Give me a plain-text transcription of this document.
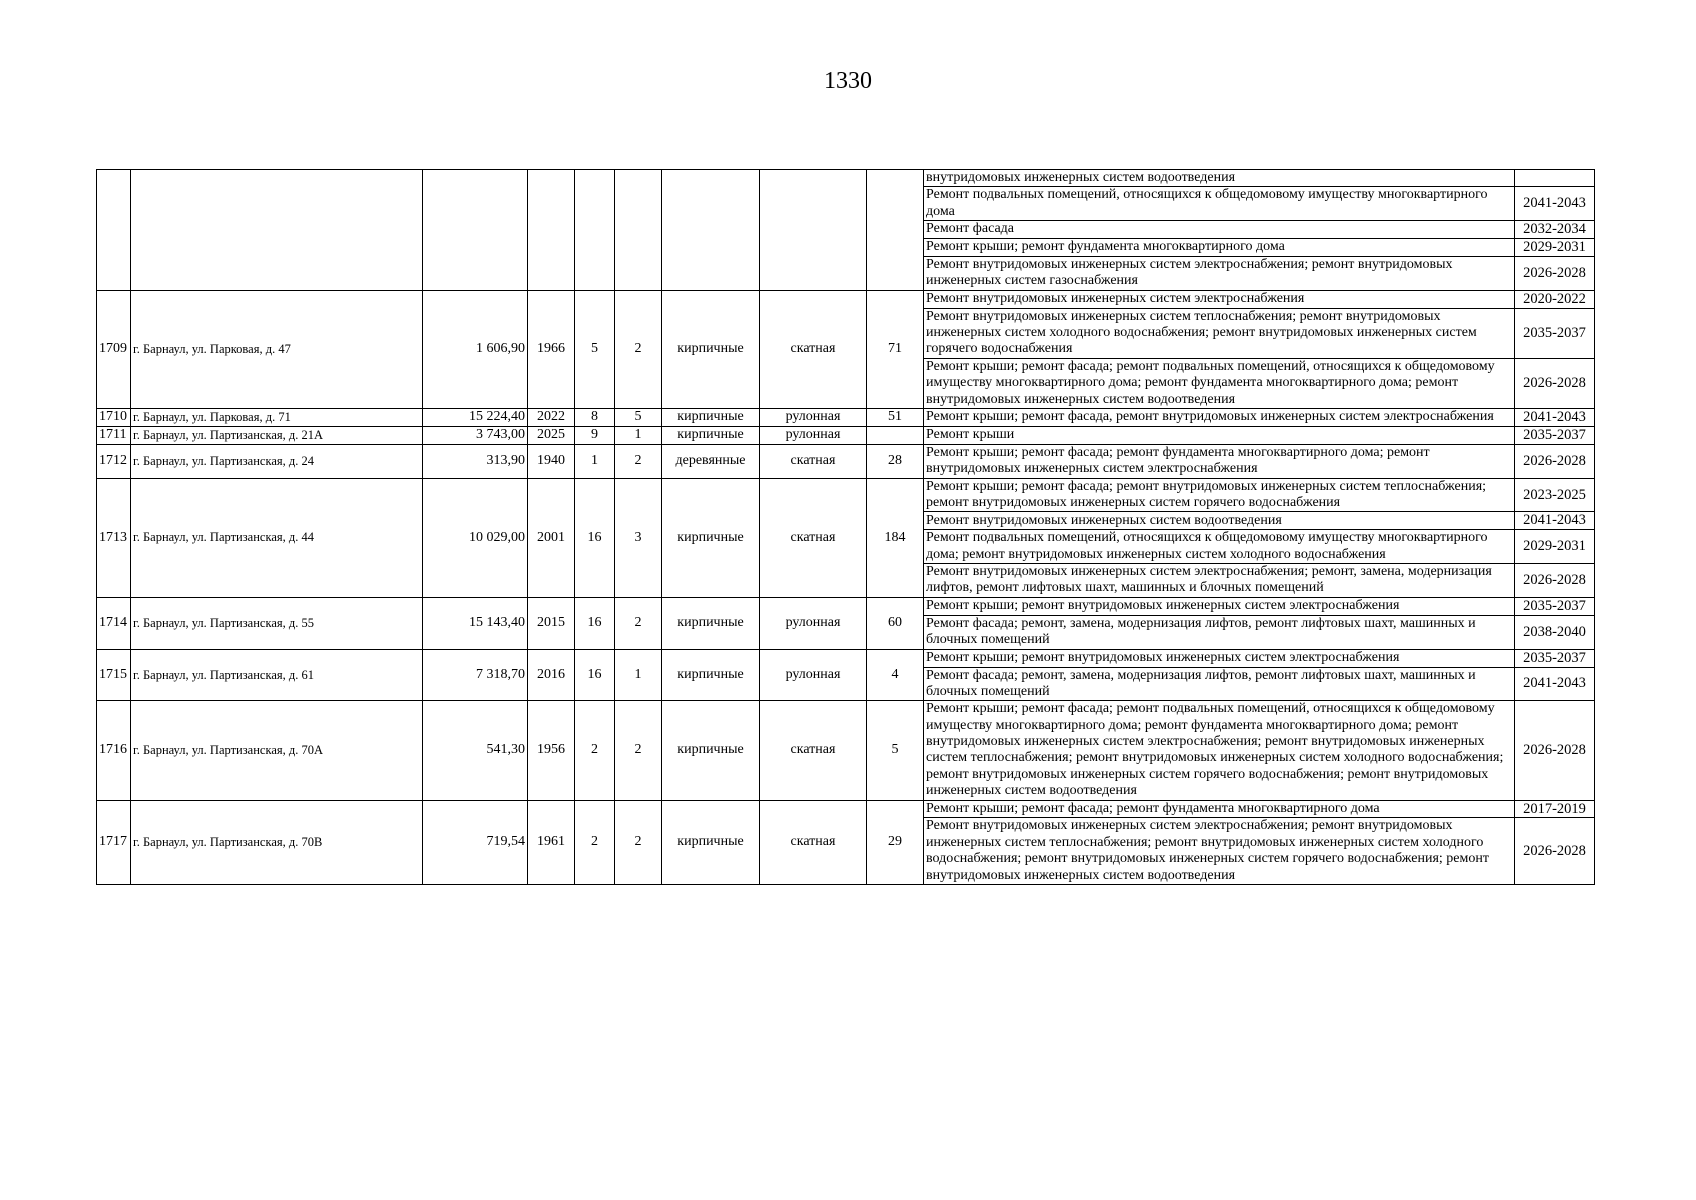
1330
									внутридомовых инженерных систем водоотведения	
									Ремонт подвальных помещений, относящихся к общедомовому имуществу многоквартирного дома	2041-2043
									Ремонт фасада	2032-2034
									Ремонт крыши; ремонт фундамента многоквартирного дома	2029-2031
									Ремонт внутридомовых инженерных систем электроснабжения; ремонт внутридомовых инженерных систем газоснабжения	2026-2028
1709	г. Барнаул, ул. Парковая, д. 47	1 606,90	1966	5	2	кирпичные	скатная	71	Ремонт внутридомовых инженерных систем электроснабжения	2020-2022
									Ремонт внутридомовых инженерных систем теплоснабжения; ремонт внутридомовых инженерных систем холодного водоснабжения; ремонт внутридомовых инженерных систем горячего водоснабжения	2035-2037
									Ремонт крыши; ремонт фасада; ремонт подвальных помещений, относящихся к общедомовому имуществу многоквартирного дома; ремонт фундамента многоквартирного дома; ремонт внутридомовых инженерных систем водоотведения	2026-2028
1710	г. Барнаул, ул. Парковая, д. 71	15 224,40	2022	8	5	кирпичные	рулонная	51	Ремонт крыши; ремонт фасада, ремонт внутридомовых инженерных систем электроснабжения	2041-2043
1711	г. Барнаул, ул. Партизанская, д. 21А	3 743,00	2025	9	1	кирпичные	рулонная		Ремонт крыши	2035-2037
1712	г. Барнаул, ул. Партизанская, д. 24	313,90	1940	1	2	деревянные	скатная	28	Ремонт крыши; ремонт фасада; ремонт фундамента многоквартирного дома; ремонт внутридомовых инженерных систем электроснабжения	2026-2028
1713	г. Барнаул, ул. Партизанская, д. 44	10 029,00	2001	16	3	кирпичные	скатная	184	Ремонт крыши; ремонт фасада; ремонт внутридомовых инженерных систем теплоснабжения; ремонт внутридомовых инженерных систем горячего водоснабжения	2023-2025
									Ремонт внутридомовых инженерных систем водоотведения	2041-2043
									Ремонт подвальных помещений, относящихся к общедомовому имуществу многоквартирного дома; ремонт внутридомовых инженерных систем холодного водоснабжения	2029-2031
									Ремонт внутридомовых инженерных систем электроснабжения; ремонт, замена, модернизация лифтов, ремонт лифтовых шахт, машинных и блочных помещений	2026-2028
1714	г. Барнаул, ул. Партизанская, д. 55	15 143,40	2015	16	2	кирпичные	рулонная	60	Ремонт крыши; ремонт внутридомовых инженерных систем электроснабжения	2035-2037
									Ремонт фасада; ремонт, замена, модернизация лифтов, ремонт лифтовых шахт, машинных и блочных помещений	2038-2040
1715	г. Барнаул, ул. Партизанская, д. 61	7 318,70	2016	16	1	кирпичные	рулонная	4	Ремонт крыши; ремонт внутридомовых инженерных систем электроснабжения	2035-2037
									Ремонт фасада; ремонт, замена, модернизация лифтов, ремонт лифтовых шахт, машинных и блочных помещений	2041-2043
1716	г. Барнаул, ул. Партизанская, д. 70А	541,30	1956	2	2	кирпичные	скатная	5	Ремонт крыши; ремонт фасада; ремонт подвальных помещений, относящихся к общедомовому имуществу многоквартирного дома; ремонт фундамента многоквартирного дома; ремонт внутридомовых инженерных систем электроснабжения; ремонт внутридомовых инженерных систем теплоснабжения; ремонт внутридомовых инженерных систем холодного водоснабжения; ремонт внутридомовых инженерных систем горячего водоснабжения; ремонт внутридомовых инженерных систем водоотведения	2026-2028
1717	г. Барнаул, ул. Партизанская, д. 70В	719,54	1961	2	2	кирпичные	скатная	29	Ремонт крыши; ремонт фасада; ремонт фундамента многоквартирного дома	2017-2019
									Ремонт внутридомовых инженерных систем электроснабжения; ремонт внутридомовых инженерных систем теплоснабжения; ремонт внутридомовых инженерных систем холодного водоснабжения; ремонт внутридомовых инженерных систем горячего водоснабжения; ремонт внутридомовых инженерных систем водоотведения	2026-2028
